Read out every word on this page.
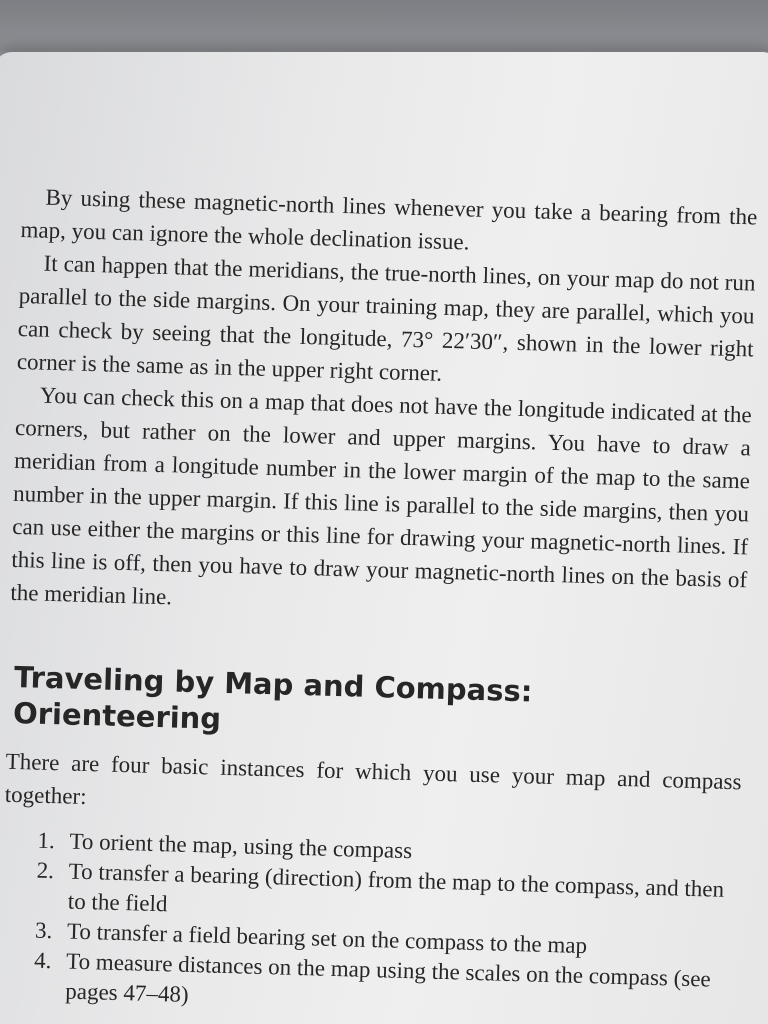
By using these magnetic-north lines whenever you take a bearing from the map, you can ignore the whole declination issue.

It can happen that the meridians, the true-north lines, on your map do not run parallel to the side margins. On your training map, they are parallel, which you can check by seeing that the longitude, 73° 22′30″, shown in the lower right corner is the same as in the upper right corner.

You can check this on a map that does not have the longitude indicated at the corners, but rather on the lower and upper margins. You have to draw a meridian from a longitude number in the lower margin of the map to the same number in the upper margin. If this line is parallel to the side margins, then you can use either the margins or this line for drawing your magnetic-north lines. If this line is off, then you have to draw your magnetic-north lines on the basis of the meridian line.

Traveling by Map and Compass: Orienteering

There are four basic instances for which you use your map and compass together:

1. To orient the map, using the compass
2. To transfer a bearing (direction) from the map to the compass, and then to the field
3. To transfer a field bearing set on the compass to the map
4. To measure distances on the map using the scales on the compass (see pages 47–48)
